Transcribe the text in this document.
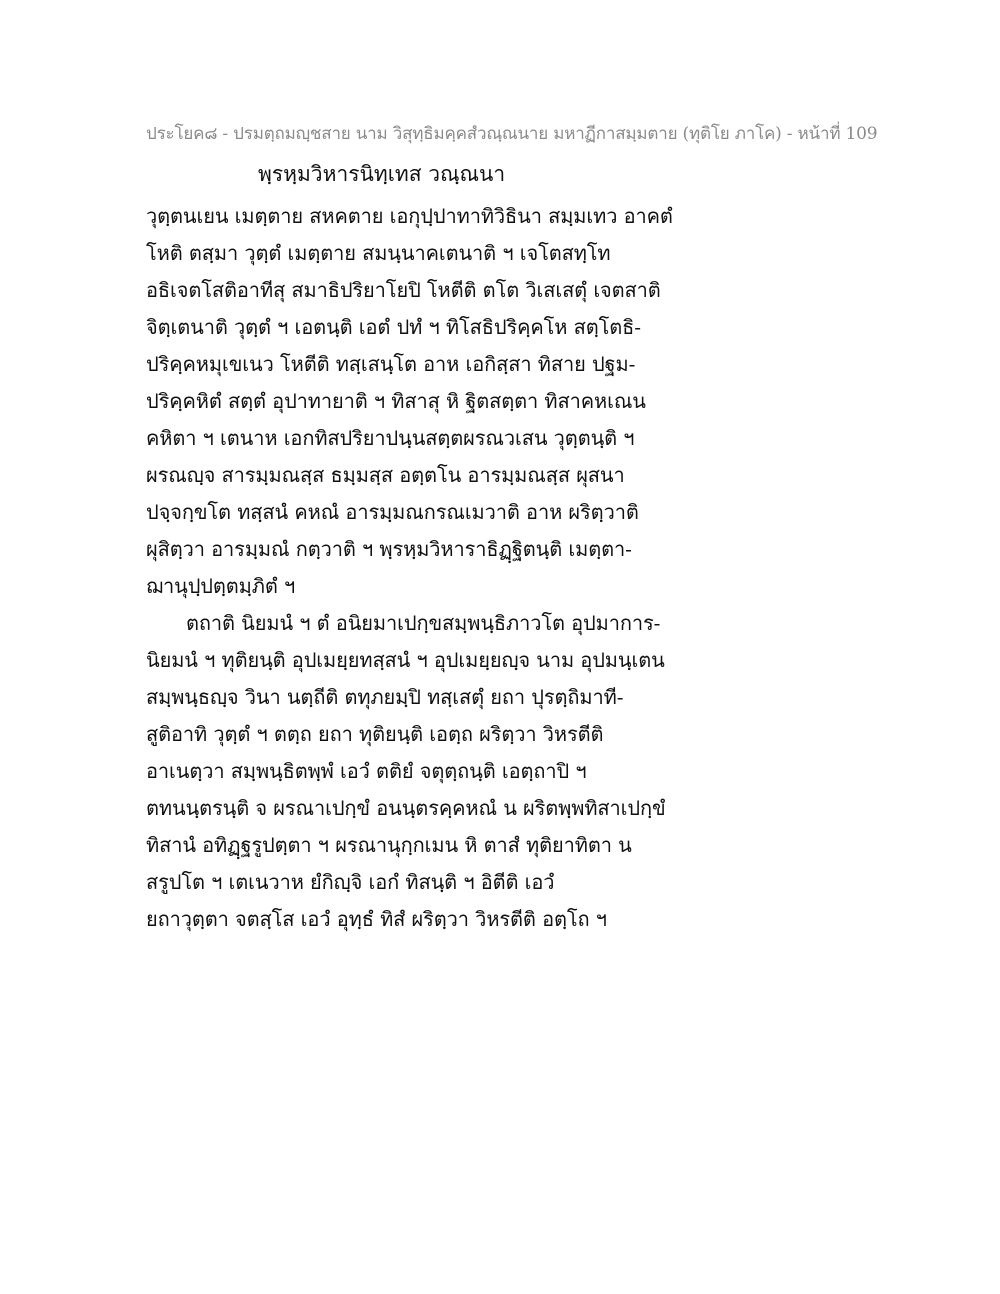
ประโยค๘ - ปรมตฺถมญฺชสาย นาม วิสุทฺธิมคฺคสํวณฺณนาย มหาฏีกาสมฺมตาย (ทุติโย ภาโค) - หน้าที่ 109
พฺรหฺมวิหารนิทฺเทส วณฺณนา
วุตฺตนเยน เมตฺตาย สหคตาย เอกุปฺปาทาทิวิธินา สมฺมเทว อาคตํ
โหติ ตสฺมา วุตฺตํ เมตฺตาย สมนฺนาคเตนาติ ฯ เจโตสทฺโท
อธิเจตโสติอาทีสุ สมาธิปริยาโยปิ โหตีติ ตโต วิเสเสตุํ เจตสาติ
จิตฺเตนาติ วุตฺตํ ฯ เอตนฺติ เอตํ ปทํ ฯ ทิโสธิปริคฺคโห สตฺโตธิ-
ปริคฺคหมุเขเนว โหตีติ ทสฺเสนฺโต อาห เอกิสฺสา ทิสาย ปฐม-
ปริคฺคหิตํ สตฺตํ อุปาทายาติ ฯ ทิสาสุ หิ ฐิตสตฺตา ทิสาคหเณน
คหิตา ฯ เตนาห เอกทิสปริยาปนฺนสตฺตผรณวเสน วุตฺตนฺติ ฯ
ผรณญฺจ สารมฺมณสฺส ธมฺมสฺส อตฺตโน อารมฺมณสฺส ผุสนา
ปจฺจกฺขโต ทสฺสนํ คหณํ อารมฺมณกรณเมวาติ อาห ผริตฺวาติ
ผุสิตฺวา อารมฺมณํ กตฺวาติ ฯ พฺรหฺมวิหาราธิฏฺฐิตนฺติ เมตฺตา-
ฌานุปฺปตฺตมฺภิตํ ฯ
ตถาติ นิยมนํ ฯ ตํ อนิยมาเปกฺขสมฺพนฺธิภาวโต อุปมาการ-
นิยมนํ ฯ ทุติยนฺติ อุปเมยฺยทสฺสนํ ฯ อุปเมยฺยญฺจ นาม อุปมนฺเตน
สมฺพนฺธญฺจ วินา นตฺถีติ ตทุภยมฺปิ ทสฺเสตุํ ยถา ปุรตฺถิมาที-
สูติอาทิ วุตฺตํ ฯ ตตฺถ ยถา ทุติยนฺติ เอตฺถ ผริตฺวา วิหรตีติ
อาเนตฺวา สมฺพนฺธิตพฺพํ เอวํ ตติยํ จตุตฺถนฺติ เอตฺถาปิ ฯ
ตทนนฺตรนฺติ จ ผรณาเปกฺขํ อนนฺตรคฺคหณํ น ผริตพฺพทิสาเปกฺขํ
ทิสานํ อทิฏฺฐรูปตฺตา ฯ ผรณานุกฺกเมน หิ ตาสํ ทุติยาทิตา น
สรูปโต ฯ เตเนวาห ยํกิญฺจิ เอกํ ทิสนฺติ ฯ อิตีติ เอวํ
ยถาวุตฺตา จตสฺโส เอวํ อุทฺธํ ทิสํ ผริตฺวา วิหรตีติ อตฺโถ ฯ
